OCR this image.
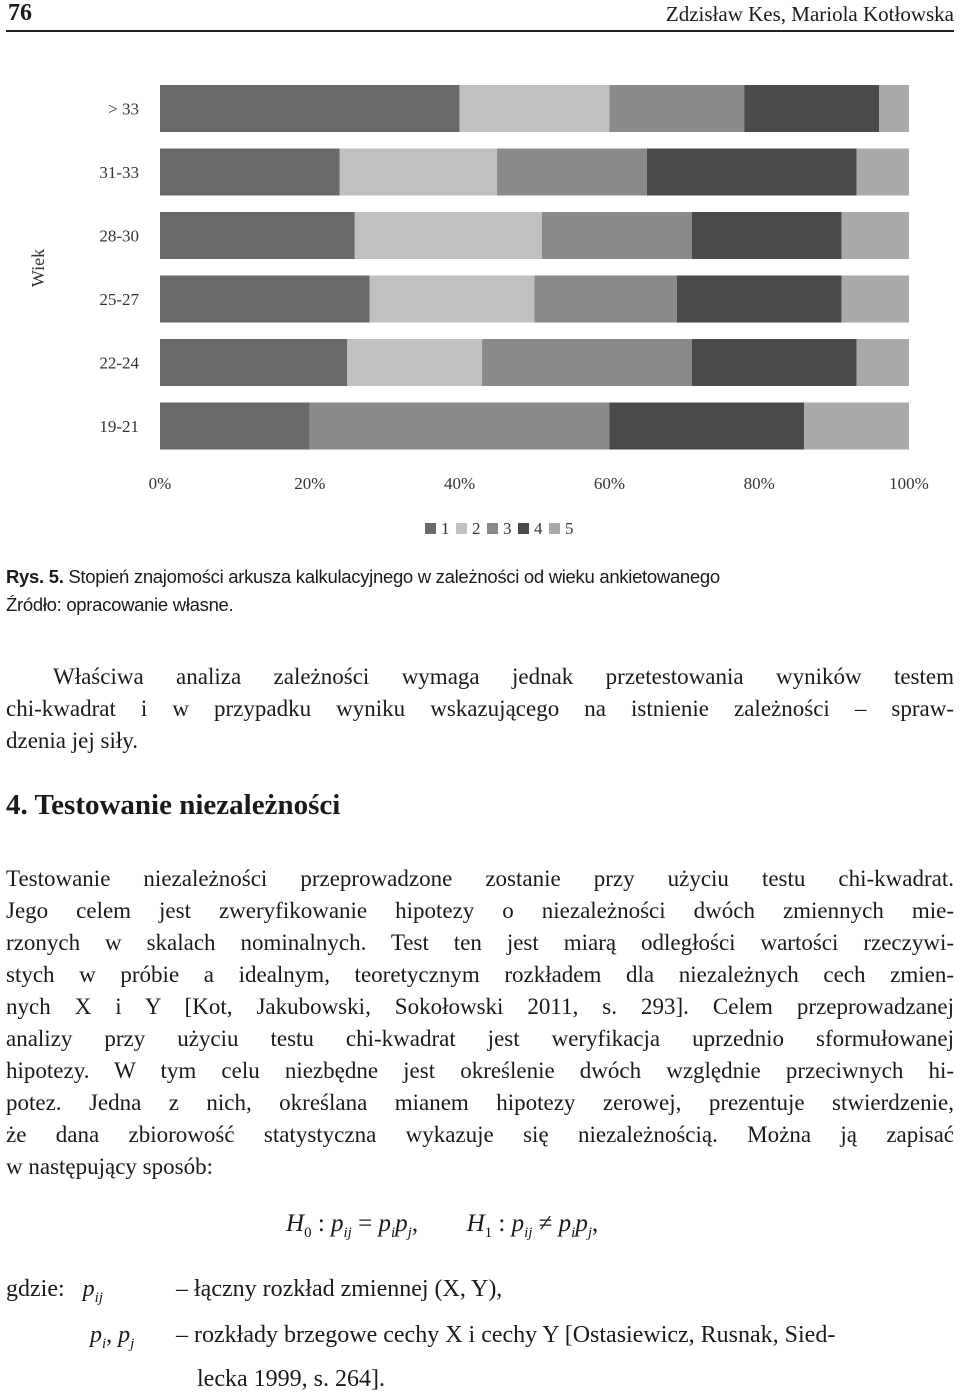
76	Zdzisław Kes, Mariola Kotłowska
> 33
31-33
28-30
25-27
22-24
19-21
0%	20%	40%	60%	80%	100%
Wiek
1 2 3 4 5
Rys. 5. Stopień znajomości arkusza kalkulacyjnego w zależności od wieku ankietowanego
Źródło: opracowanie własne.
Właściwa analiza zależności wymaga jednak przetestowania wyników testem
chi-kwadrat i w przypadku wyniku wskazującego na istnienie zależności – spraw-
dzenia jej siły.
4. Testowanie niezależności
Testowanie niezależności przeprowadzone zostanie przy użyciu testu chi-kwadrat.
Jego celem jest zweryfikowanie hipotezy o niezależności dwóch zmiennych mie-
rzonych w skalach nominalnych. Test ten jest miarą odległości wartości rzeczywi-
stych w próbie a idealnym, teoretycznym rozkładem dla niezależnych cech zmien-
nych X i Y [Kot, Jakubowski, Sokołowski 2011, s. 293]. Celem przeprowadzanej
analizy przy użyciu testu chi-kwadrat jest weryfikacja uprzednio sformułowanej
hipotezy. W tym celu niezbędne jest określenie dwóch względnie przeciwnych hi-
potez. Jedna z nich, określana mianem hipotezy zerowej, prezentuje stwierdzenie,
że dana zbiorowość statystyczna wykazuje się niezależnością. Można ją zapisać
w następujący sposób:
$H_0$ : $p_{ij} = p_ip_j$, $H_1$ : $p_{ij} \ne p_ip_j$,
gdzie: $p_{ij}$	– łączny rozkład zmiennej (X, Y),
$p_i$, $p_j$ – rozkłady brzegowe cechy X i cechy Y [Ostasiewicz, Rusnak, Sied-
lecka 1999, s. 264].
